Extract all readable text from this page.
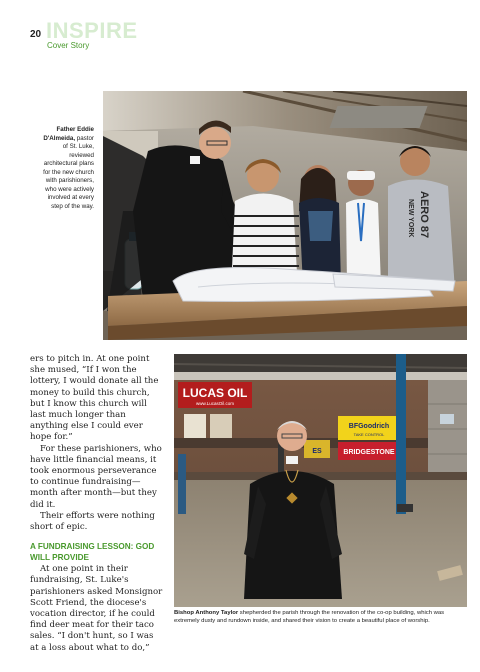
20 INSPIRE
Cover Story
Father Eddie D'Almeida, pastor of St. Luke, reviewed architectural plans for the new church with parishioners, who were actively involved at every step of the way.	AERO 87
NEW YORK

ers to pitch in. At one point she mused, “If I won the lottery, I would donate all the money to build this church, but I know this church will last much longer than anything else I could ever hope for.”

For these parishioners, who have little financial means, it took enormous perseverance to continue fundraising—month after month—but they did it.

Their efforts were nothing short of epic.

A FUNDRAISING LESSON: GOD WILL PROVIDE

At one point in their fundraising, St. Luke's parishioners asked Monsignor Scott Friend, the diocese's vocation director, if he could find deer meat for their taco sales. “I don't hunt, so I was at a loss about what to do,”

LUCAS OIL
www.LucasOil.com
BFGoodrich
TAKE CONTROL
BRIDGESTONE
ES
Bishop Anthony Taylor shepherded the parish through the renovation of the co-op building, which was extremely dusty and rundown inside, and shared their vision to create a beautiful place of worship.
